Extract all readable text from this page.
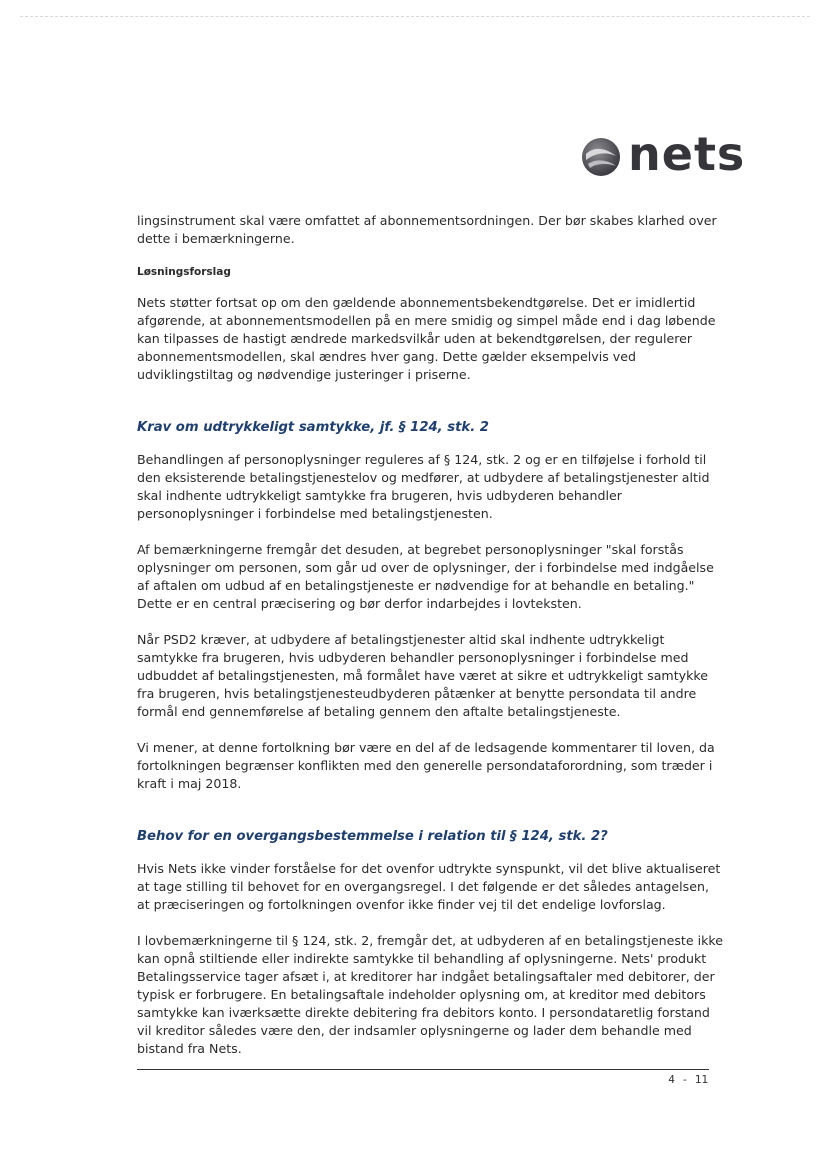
nets

lingsinstrument skal være omfattet af abonnementsordningen. Der bør skabes klarhed over dette i bemærkningerne.

Løsningsforslag

Nets støtter fortsat op om den gældende abonnementsbekendtgørelse. Det er imidlertid afgørende, at abonnementsmodellen på en mere smidig og simpel måde end i dag løbende kan tilpasses de hastigt ændrede markedsvilkår uden at bekendtgørelsen, der regulerer abonnementsmodellen, skal ændres hver gang. Dette gælder eksempelvis ved udviklingstiltag og nødvendige justeringer i priserne.

Krav om udtrykkeligt samtykke, jf. § 124, stk. 2

Behandlingen af personoplysninger reguleres af § 124, stk. 2 og er en tilføjelse i forhold til den eksisterende betalingstjenestelov og medfører, at udbydere af betalingstjenester altid skal indhente udtrykkeligt samtykke fra brugeren, hvis udbyderen behandler personoplysninger i forbindelse med betalingstjenesten.

Af bemærkningerne fremgår det desuden, at begrebet personoplysninger "skal forstås oplysninger om personen, som går ud over de oplysninger, der i forbindelse med indgåelse af aftalen om udbud af en betalingstjeneste er nødvendige for at behandle en betaling." Dette er en central præcisering og bør derfor indarbejdes i lovteksten.

Når PSD2 kræver, at udbydere af betalingstjenester altid skal indhente udtrykkeligt samtykke fra brugeren, hvis udbyderen behandler personoplysninger i forbindelse med udbuddet af betalingstjenesten, må formålet have været at sikre et udtrykkeligt samtykke fra brugeren, hvis betalingstjenesteudbyderen påtænker at benytte persondata til andre formål end gennemførelse af betaling gennem den aftalte betalingstjeneste.

Vi mener, at denne fortolkning bør være en del af de ledsagende kommentarer til loven, da fortolkningen begrænser konflikten med den generelle persondataforordning, som træder i kraft i maj 2018.

Behov for en overgangsbestemmelse i relation til § 124, stk. 2?

Hvis Nets ikke vinder forståelse for det ovenfor udtrykte synspunkt, vil det blive aktualiseret at tage stilling til behovet for en overgangsregel. I det følgende er det således antagelsen, at præciseringen og fortolkningen ovenfor ikke finder vej til det endelige lovforslag.

I lovbemærkningerne til § 124, stk. 2, fremgår det, at udbyderen af en betalingstjeneste ikke kan opnå stiltiende eller indirekte samtykke til behandling af oplysningerne. Nets' produkt Betalingsservice tager afsæt i, at kreditorer har indgået betalingsaftaler med debitorer, der typisk er forbrugere. En betalingsaftale indeholder oplysning om, at kreditor med debitors samtykke kan iværksætte direkte debitering fra debitors konto. I persondataretlig forstand vil kreditor således være den, der indsamler oplysningerne og lader dem behandle med bistand fra Nets.

4 - 11
